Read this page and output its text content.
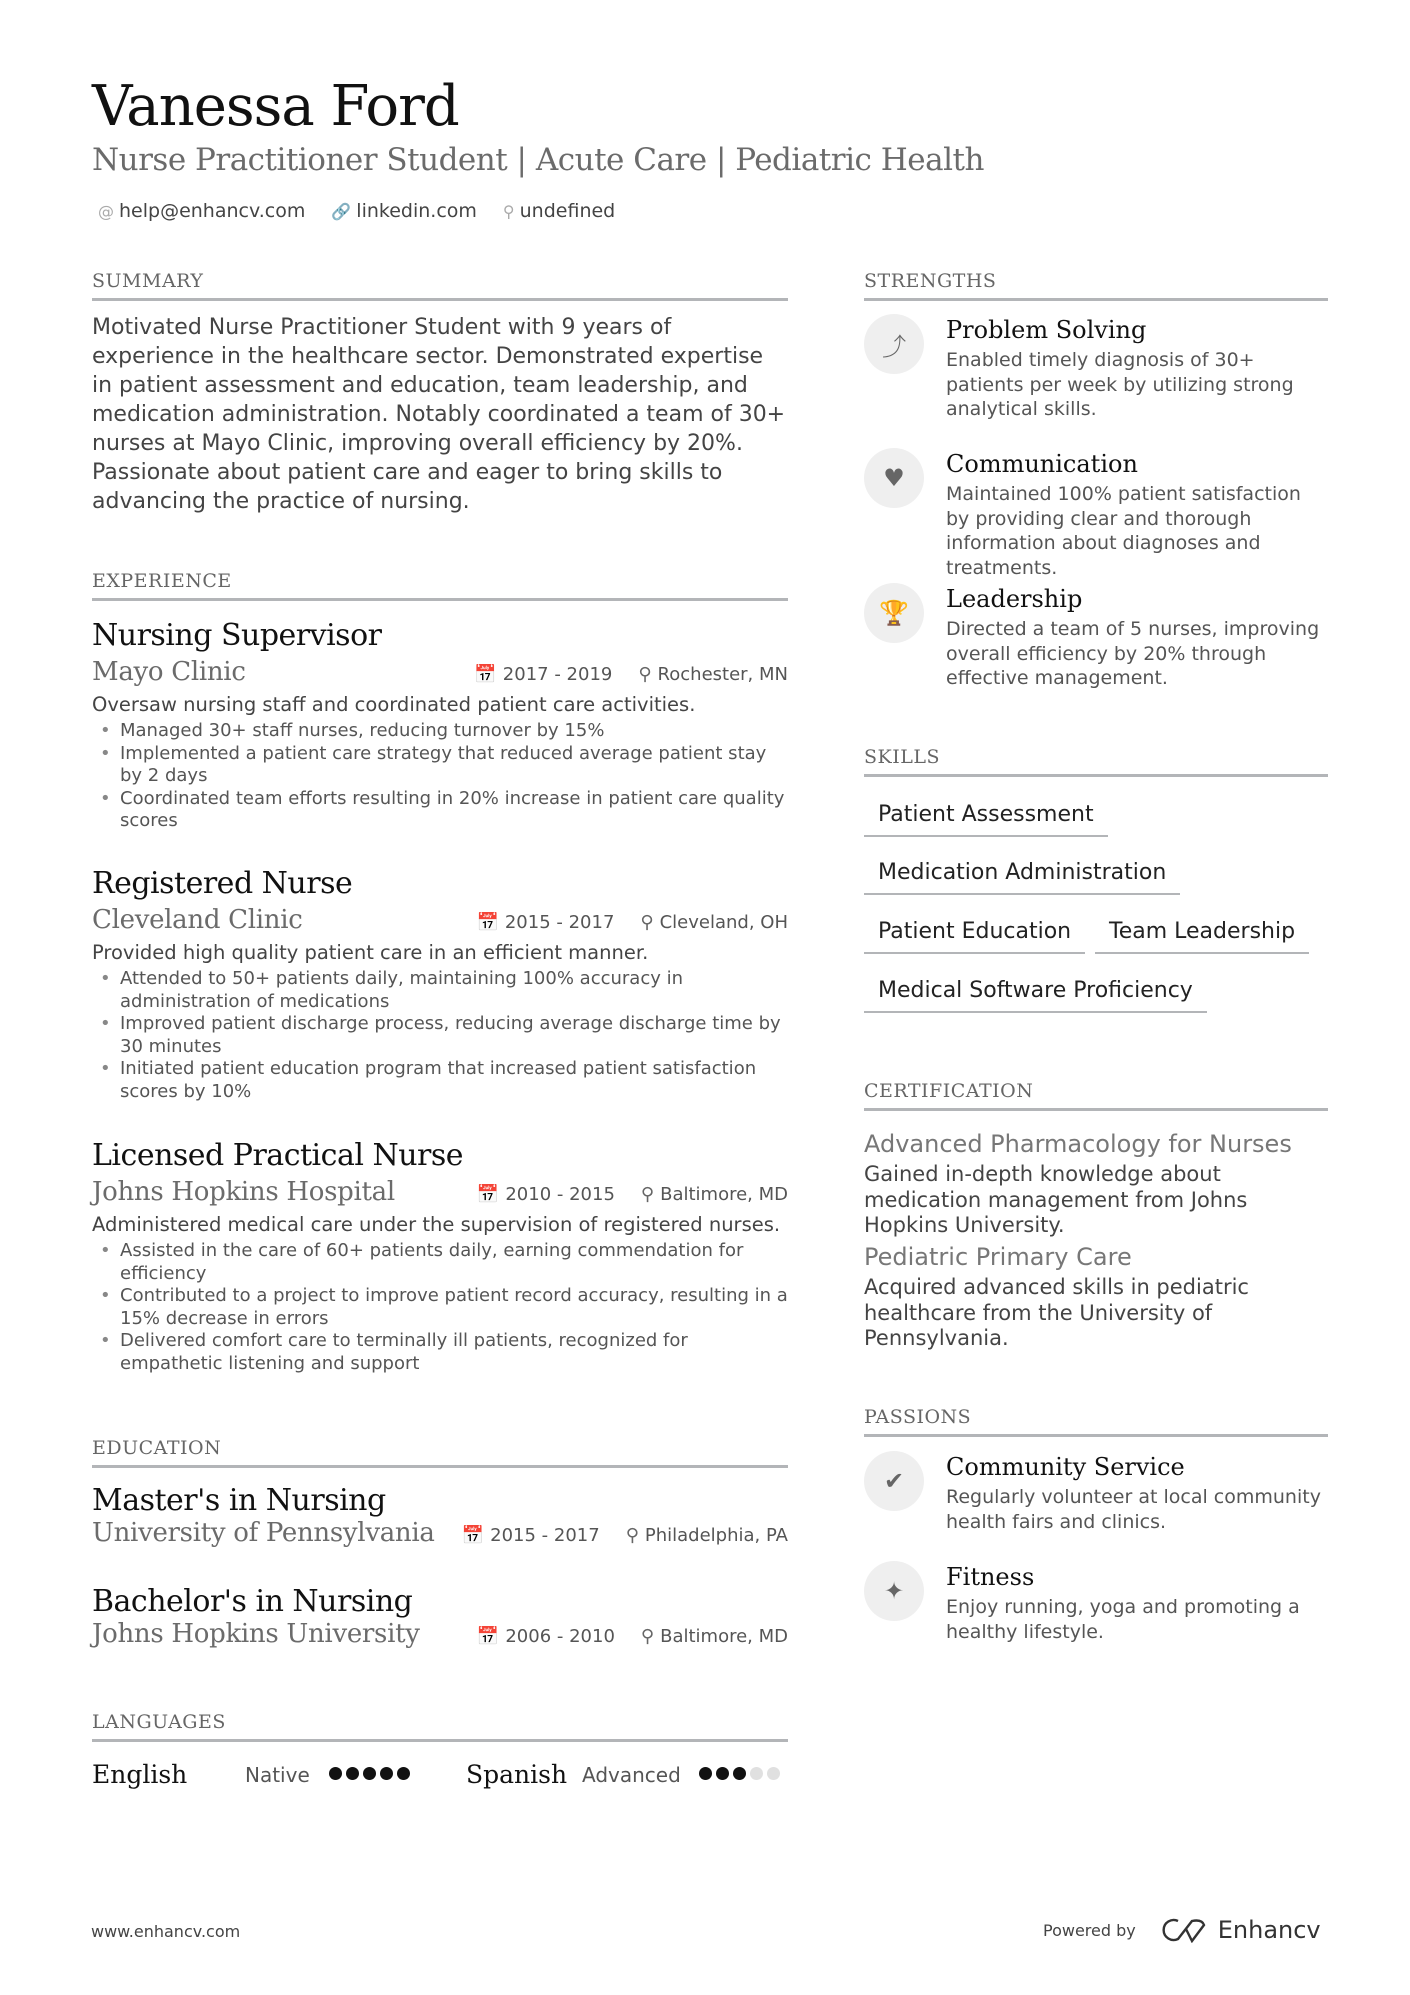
Vanessa Ford
Nurse Practitioner Student | Acute Care | Pediatric Health
@ help@enhancv.com 🔗 linkedin.com ⚲ undefined
SUMMARY
Motivated Nurse Practitioner Student with 9 years of experience in the healthcare sector. Demonstrated expertise in patient assessment and education, team leadership, and medication administration. Notably coordinated a team of 30+ nurses at Mayo Clinic, improving overall efficiency by 20%. Passionate about patient care and eager to bring skills to advancing the practice of nursing.
EXPERIENCE
Nursing Supervisor
Mayo Clinic	📅 2017 - 2019 ⚲ Rochester, MN
Oversaw nursing staff and coordinated patient care activities.
• Managed 30+ staff nurses, reducing turnover by 15%
• Implemented a patient care strategy that reduced average patient stay by 2 days
• Coordinated team efforts resulting in 20% increase in patient care quality scores
Registered Nurse
Cleveland Clinic	📅 2015 - 2017 ⚲ Cleveland, OH
Provided high quality patient care in an efficient manner.
• Attended to 50+ patients daily, maintaining 100% accuracy in administration of medications
• Improved patient discharge process, reducing average discharge time by 30 minutes
• Initiated patient education program that increased patient satisfaction scores by 10%
Licensed Practical Nurse
Johns Hopkins Hospital	📅 2010 - 2015 ⚲ Baltimore, MD
Administered medical care under the supervision of registered nurses.
• Assisted in the care of 60+ patients daily, earning commendation for efficiency
• Contributed to a project to improve patient record accuracy, resulting in a 15% decrease in errors
• Delivered comfort care to terminally ill patients, recognized for empathetic listening and support
EDUCATION
Master's in Nursing
University of Pennsylvania 📅 2015 - 2017 ⚲ Philadelphia, PA
Bachelor's in Nursing
Johns Hopkins University	📅 2006 - 2010 ⚲ Baltimore, MD
LANGUAGES
English	Native	Spanish Advanced
STRENGTHS
⤴
Problem Solving
Enabled timely diagnosis of 30+ patients per week by utilizing strong analytical skills.
♥	Communication
Maintained 100% patient satisfaction by providing clear and thorough information about diagnoses and treatments.
🏆	Leadership
Directed a team of 5 nurses, improving overall efficiency by 20% through effective management.
SKILLS
Patient Assessment
Medication Administration
Patient Education	Team Leadership
Medical Software Proficiency
CERTIFICATION
Advanced Pharmacology for Nurses
Gained in-depth knowledge about medication management from Johns Hopkins University.
Pediatric Primary Care
Acquired advanced skills in pediatric healthcare from the University of Pennsylvania.
PASSIONS
✔	Community Service
Regularly volunteer at local community health fairs and clinics.
✦	Fitness
Enjoy running, yoga and promoting a healthy lifestyle.
www.enhancv.com	Powered by	Enhancv
